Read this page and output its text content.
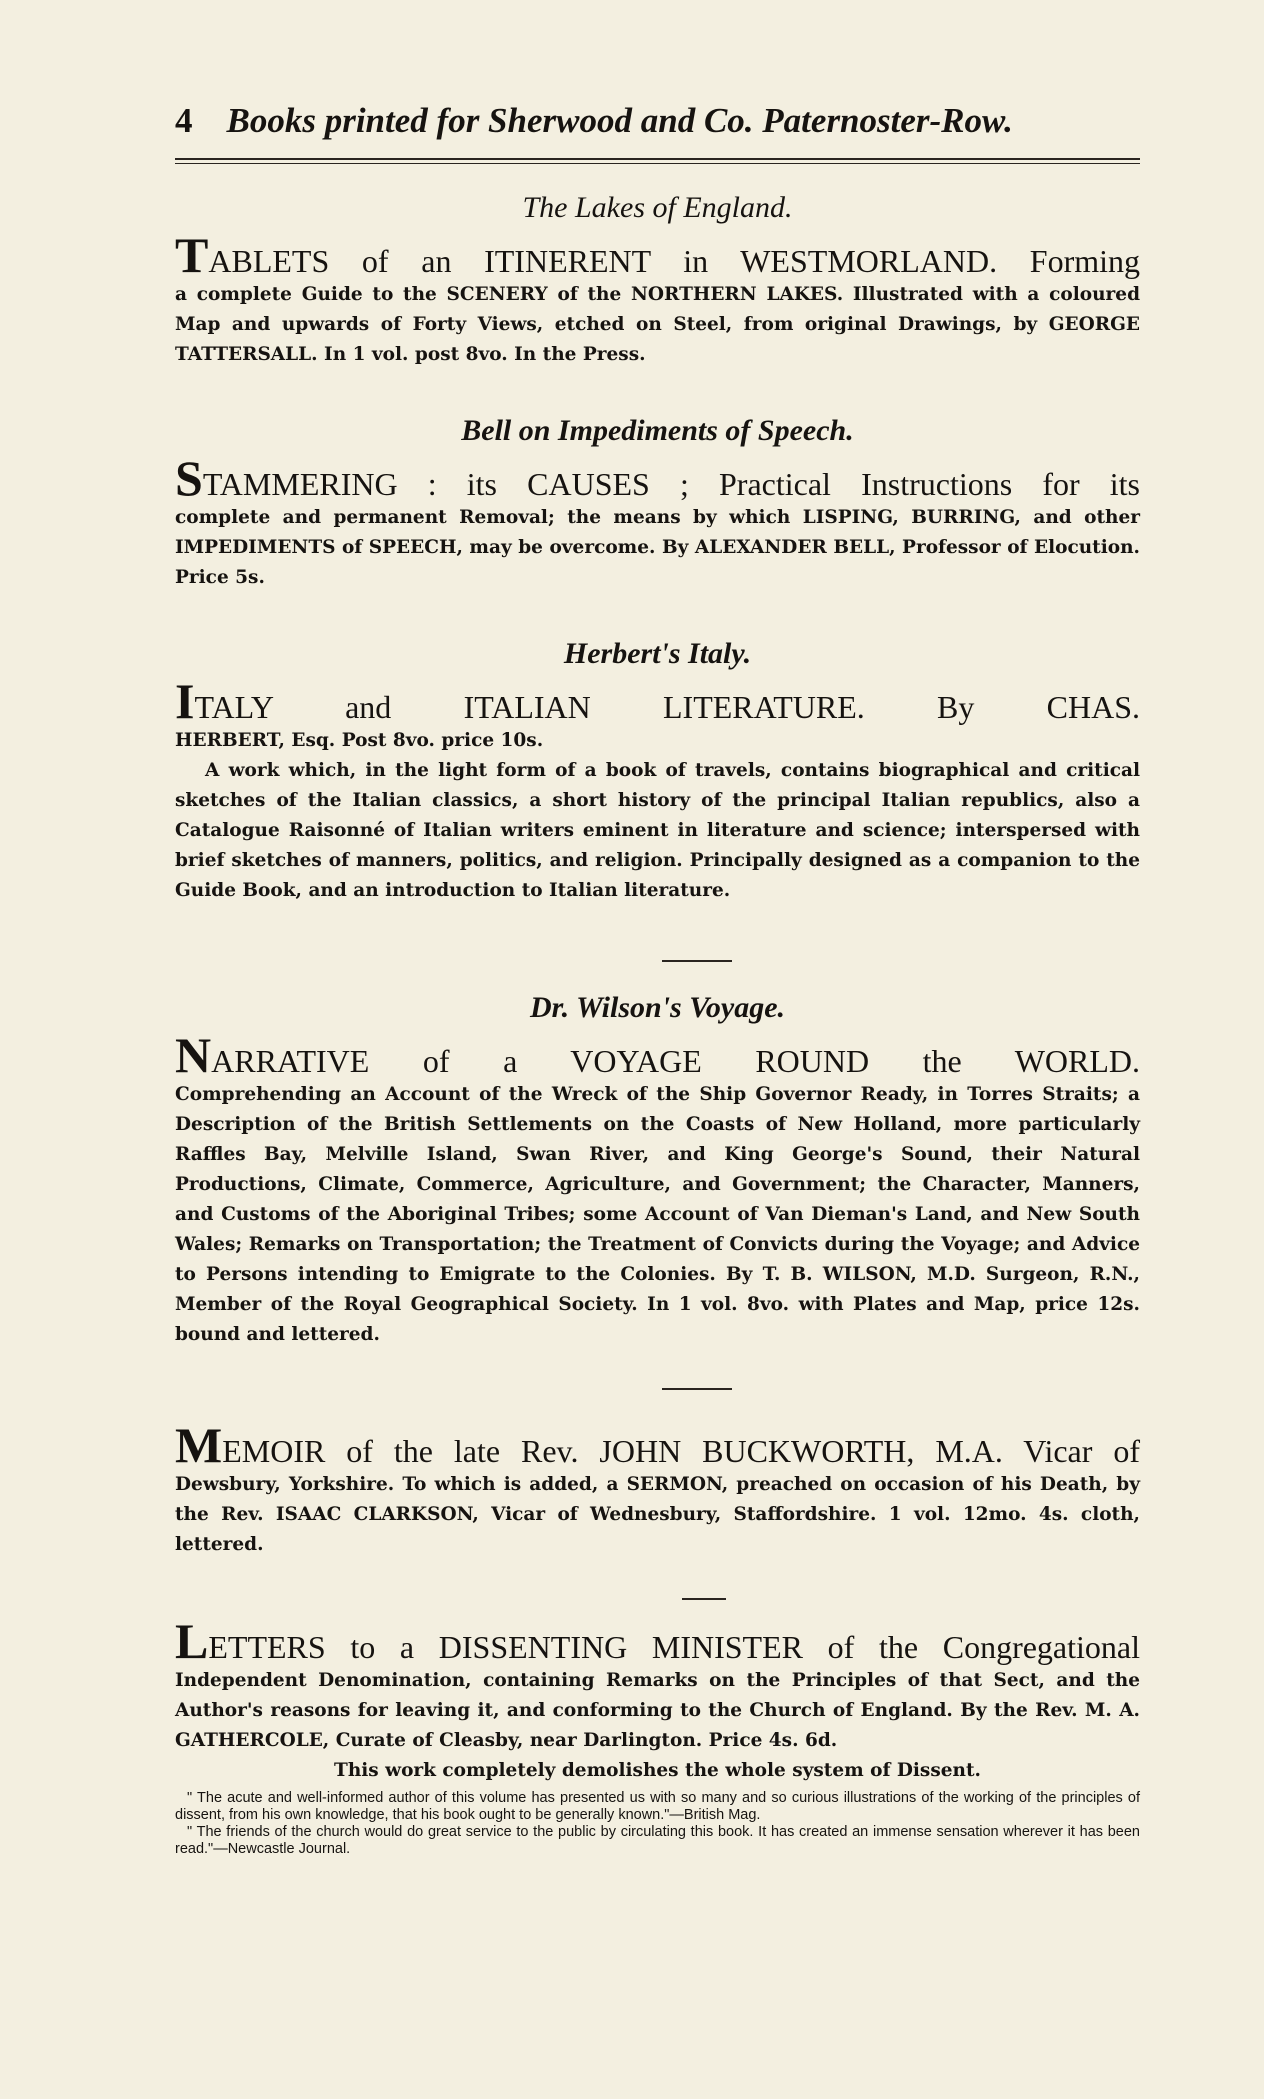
4 Books printed for Sherwood and Co. Paternoster-Row.
The Lakes of England.

TABLETS of an ITINERENT in WESTMORLAND. Forming

a complete Guide to the SCENERY of the NORTHERN LAKES. Illustrated with a coloured Map and upwards of Forty Views, etched on Steel, from original Drawings, by GEORGE TATTERSALL. In 1 vol. post 8vo. In the Press.

Bell on Impediments of Speech.

STAMMERING : its CAUSES ; Practical Instructions for its

complete and permanent Removal; the means by which LISPING, BURRING, and other IMPEDIMENTS of SPEECH, may be overcome. By ALEXANDER BELL, Professor of Elocution. Price 5s.

Herbert's Italy.

ITALY and ITALIAN LITERATURE. By CHAS.

HERBERT, Esq. Post 8vo. price 10s.

A work which, in the light form of a book of travels, contains biographical and critical sketches of the Italian classics, a short history of the principal Italian republics, also a Catalogue Raisonné of Italian writers eminent in literature and science; interspersed with brief sketches of manners, politics, and religion. Principally designed as a companion to the Guide Book, and an introduction to Italian literature.

Dr. Wilson's Voyage.

NARRATIVE of a VOYAGE ROUND the WORLD.

Comprehending an Account of the Wreck of the Ship Governor Ready, in Torres Straits; a Description of the British Settlements on the Coasts of New Holland, more particularly Raffles Bay, Melville Island, Swan River, and King George's Sound, their Natural Productions, Climate, Commerce, Agriculture, and Government; the Character, Manners, and Customs of the Aboriginal Tribes; some Account of Van Dieman's Land, and New South Wales; Remarks on Transportation; the Treatment of Convicts during the Voyage; and Advice to Persons intending to Emigrate to the Colonies. By T. B. WILSON, M.D. Surgeon, R.N., Member of the Royal Geographical Society. In 1 vol. 8vo. with Plates and Map, price 12s. bound and lettered.

MEMOIR of the late Rev. JOHN BUCKWORTH, M.A. Vicar of

Dewsbury, Yorkshire. To which is added, a SERMON, preached on occasion of his Death, by the Rev. ISAAC CLARKSON, Vicar of Wednesbury, Staffordshire. 1 vol. 12mo. 4s. cloth, lettered.

LETTERS to a DISSENTING MINISTER of the Congregational

Independent Denomination, containing Remarks on the Principles of that Sect, and the Author's reasons for leaving it, and conforming to the Church of England. By the Rev. M. A. GATHERCOLE, Curate of Cleasby, near Darlington. Price 4s. 6d.

This work completely demolishes the whole system of Dissent.

" The acute and well-informed author of this volume has presented us with so many and so curious illustrations of the working of the principles of dissent, from his own knowledge, that his book ought to be generally known."—British Mag.

" The friends of the church would do great service to the public by circulating this book. It has created an immense sensation wherever it has been read."—Newcastle Journal.
